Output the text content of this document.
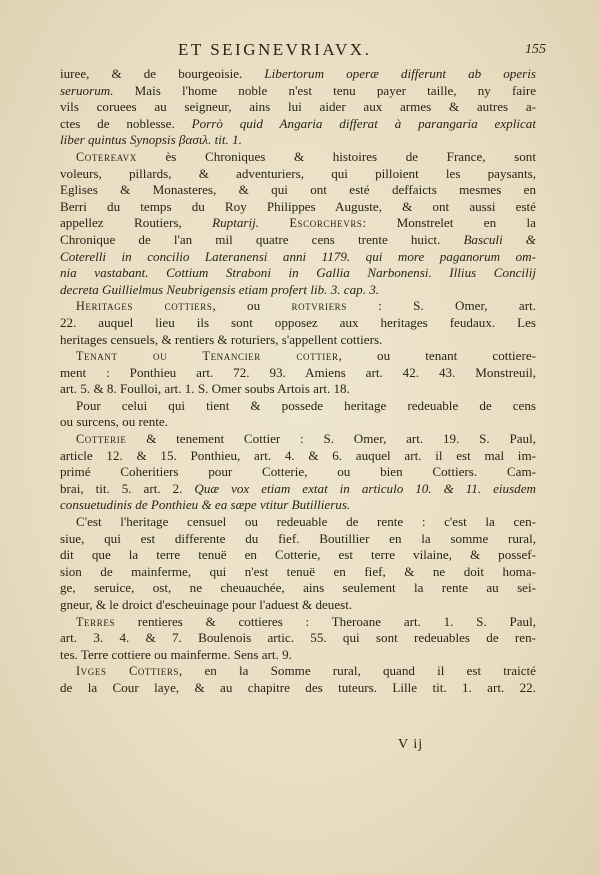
ET SEIGNEVRIAVX.	155
iuree, & de bourgeoisie. Libertorum operæ differunt ab operis
seruorum. Mais l'home noble n'est tenu payer taille, ny faire
vils coruees au seigneur, ains lui aider aux armes & autres a-
ctes de noblesse. Porrò quid Angaria differat à parangaria explicat
liber quintus Synopsis βασιλ. tit. 1.
Cotereavx ès Chroniques & histoires de France, sont
voleurs, pillards, & adventuriers, qui pilloient les paysants,
Eglises & Monasteres, & qui ont esté deffaicts mesmes en
Berri du temps du Roy Philippes Auguste, & ont aussi esté
appellez Routiers, Ruptarij. Escorchevrs: Monstrelet en la
Chronique de l'an mil quatre cens trente huict. Basculi &
Coterelli in concilio Lateranensi anni 1179. qui more paganorum om-
nia vastabant. Cottium Straboni in Gallia Narbonensi. Illius Concilij
decreta Guillielmus Neubrigensis etiam profert lib. 3. cap. 3.
Heritages cottiers, ou rotvriers : S. Omer, art.
22. auquel lieu ils sont opposez aux heritages feudaux. Les
heritages censuels, & rentiers & roturiers, s'appellent cottiers.
Tenant ou Tenancier cottier, ou tenant cottiere-
ment : Ponthieu art. 72. 93. Amiens art. 42. 43. Monstreuil,
art. 5. & 8. Foulloi, art. 1. S. Omer soubs Artois art. 18.
Pour celui qui tient & possede heritage redeuable de cens
ou surcens, ou rente.
Cotterie & tenement Cottier : S. Omer, art. 19. S. Paul,
article 12. & 15. Ponthieu, art. 4. & 6. auquel art. il est mal im-
primé Coheritiers pour Cotterie, ou bien Cottiers. Cam-
brai, tit. 5. art. 2. Quæ vox etiam extat in articulo 10. & 11. eiusdem
consuetudinis de Ponthieu & ea sæpe vtitur Butillierus.
C'est l'heritage censuel ou redeuable de rente : c'est la cen-
siue, qui est differente du fief. Boutillier en la somme rural,
dit que la terre tenuë en Cotterie, est terre vilaine, & possef-
sion de mainferme, qui n'est tenuë en fief, & ne doit homa-
ge, seruice, ost, ne cheuauchée, ains seulement la rente au sei-
gneur, & le droict d'escheuinage pour l'aduest & deuest.
Terres rentieres & cottieres : Theroane art. 1. S. Paul,
art. 3. 4. & 7. Boulenois artic. 55. qui sont redeuables de ren-
tes. Terre cottiere ou mainferme. Sens art. 9.
Ivges Cottiers, en la Somme rural, quand il est traicté
de la Cour laye, & au chapitre des tuteurs. Lille tit. 1. art. 22.
V ij
